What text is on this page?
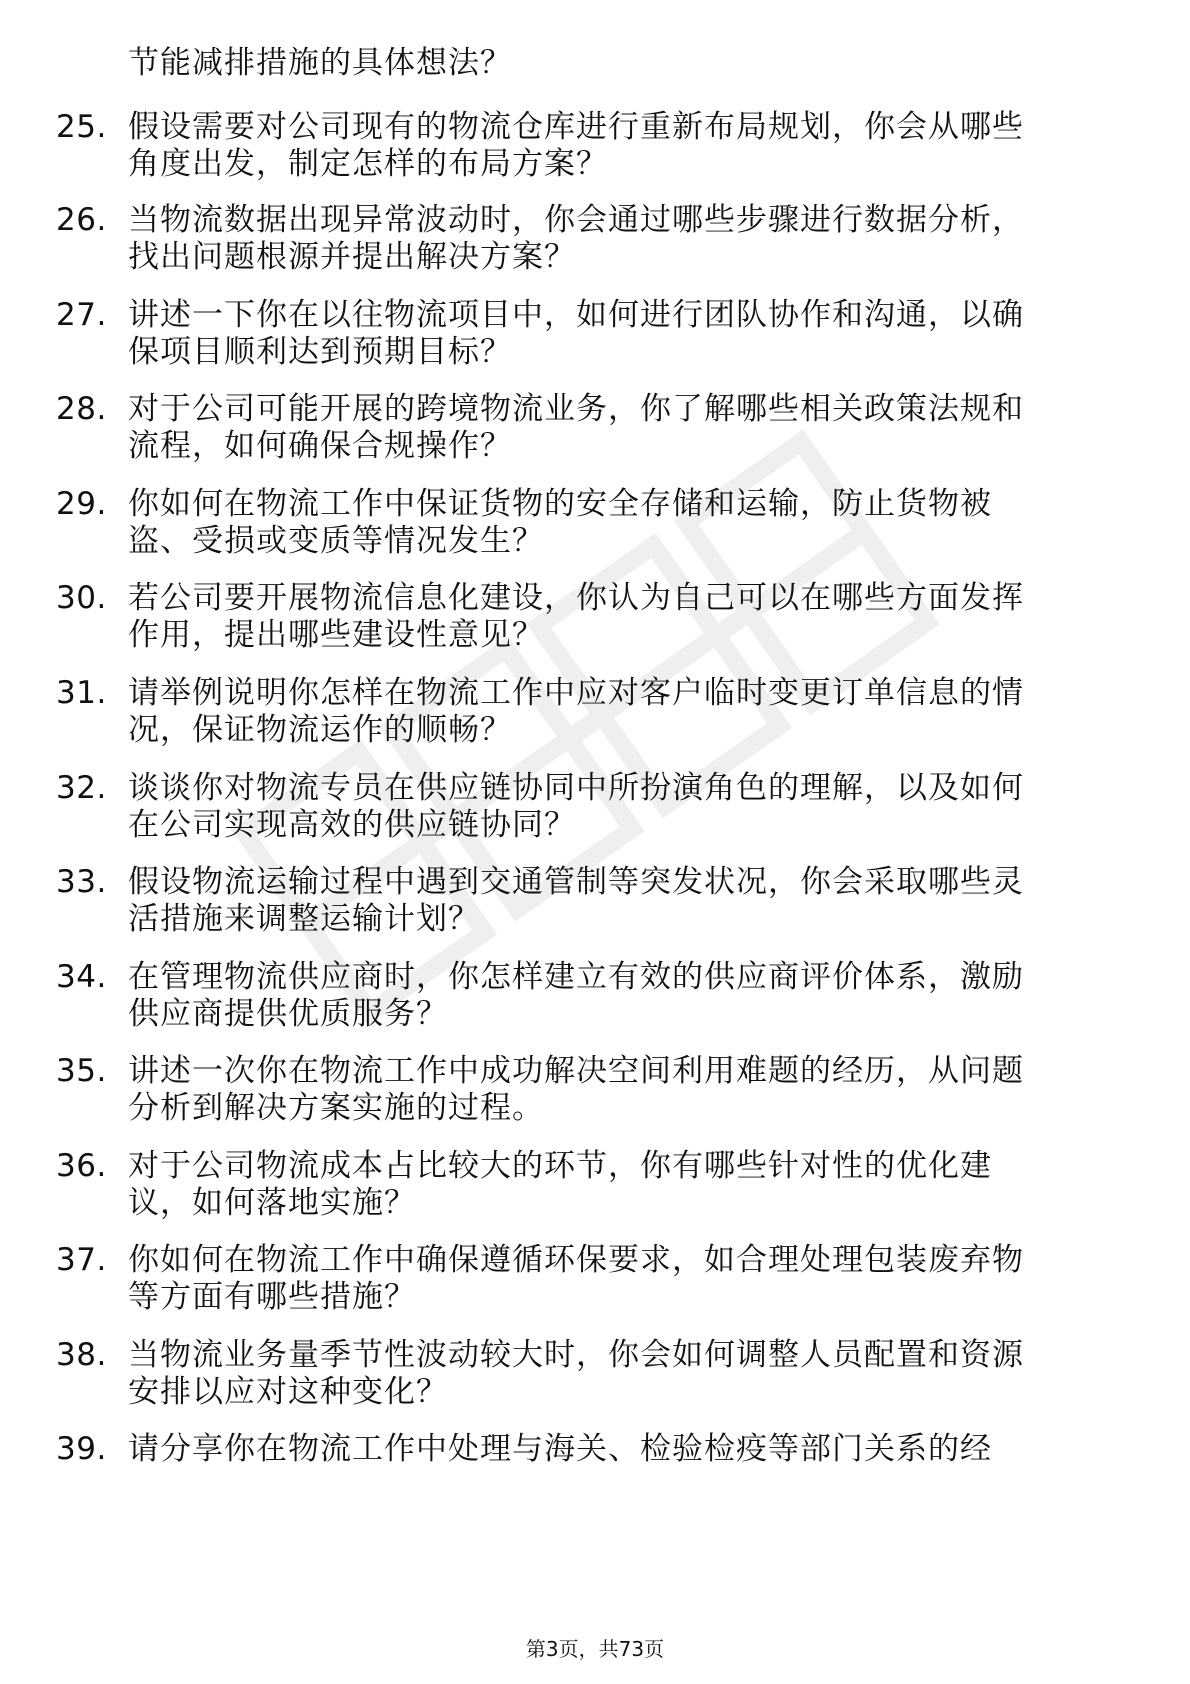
节能减排措施的具体想法？
25. 假设需要对公司现有的物流仓库进行重新布局规划，你会从哪些
角度出发，制定怎样的布局方案？
26. 当物流数据出现异常波动时，你会通过哪些步骤进行数据分析，
找出问题根源并提出解决方案？
27. 讲述一下你在以往物流项目中，如何进行团队协作和沟通，以确
保项目顺利达到预期目标？
28. 对于公司可能开展的跨境物流业务，你了解哪些相关政策法规和
流程，如何确保合规操作？
29. 你如何在物流工作中保证货物的安全存储和运输，防止货物被
盗、受损或变质等情况发生？
30. 若公司要开展物流信息化建设，你认为自己可以在哪些方面发挥
作用，提出哪些建设性意见？
31. 请举例说明你怎样在物流工作中应对客户临时变更订单信息的情
况，保证物流运作的顺畅？
32. 谈谈你对物流专员在供应链协同中所扮演角色的理解，以及如何
在公司实现高效的供应链协同？
33. 假设物流运输过程中遇到交通管制等突发状况，你会采取哪些灵
活措施来调整运输计划？
34. 在管理物流供应商时，你怎样建立有效的供应商评价体系，激励
供应商提供优质服务？
35. 讲述一次你在物流工作中成功解决空间利用难题的经历，从问题
分析到解决方案实施的过程。
36. 对于公司物流成本占比较大的环节，你有哪些针对性的优化建
议，如何落地实施？
37. 你如何在物流工作中确保遵循环保要求，如合理处理包装废弃物
等方面有哪些措施？
38. 当物流业务量季节性波动较大时，你会如何调整人员配置和资源
安排以应对这种变化？
39. 请分享你在物流工作中处理与海关、检验检疫等部门关系的经
第3页，共73页
